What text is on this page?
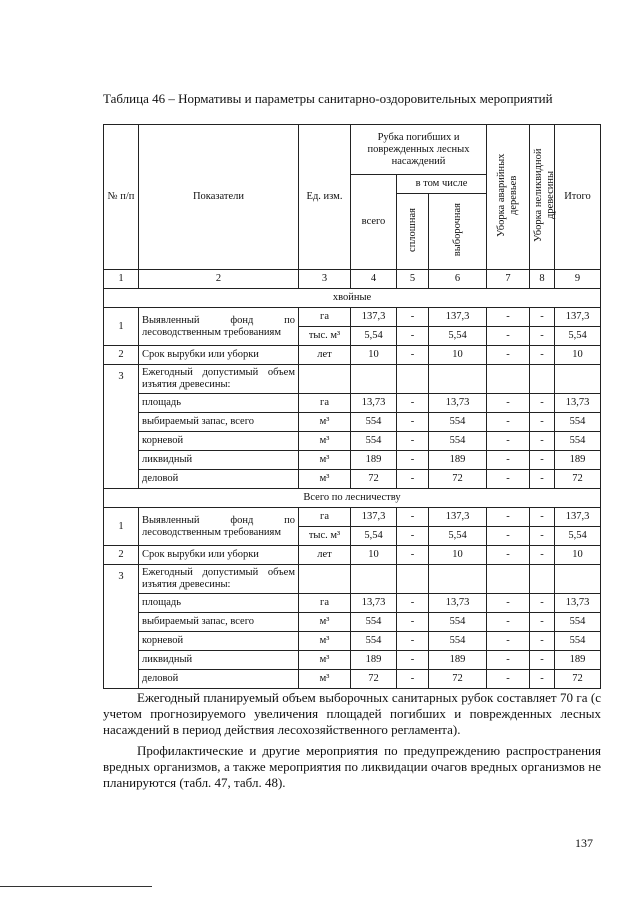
Таблица 46 – Нормативы и параметры санитарно-оздоровительных мероприятий
№ п/п	Показатели	Ед. изм.	Рубка погибших и поврежденных лесных насаждений			Уборка аварийных деревьев	Уборка неликвидной древесины	Итого
			всего	в том числе				
				сплошная	выборочная			
1	2	3	4	5	6	7	8	9
хвойные								
1	Выявленный фонд по лесоводственным требованиям	га	137,3	-	137,3	-	-	137,3
		тыс. м³	5,54	-	5,54	-	-	5,54
2	Срок вырубки или уборки	лет	10	-	10	-	-	10
3	Ежегодный допустимый объем изъятия древесины:							
	площадь	га	13,73	-	13,73	-	-	13,73
	выбираемый запас, всего	м³	554	-	554	-	-	554
	корневой	м³	554	-	554	-	-	554
	ликвидный	м³	189	-	189	-	-	189
	деловой	м³	72	-	72	-	-	72
Всего по лесничеству								
1	Выявленный фонд по лесоводственным требованиям	га	137,3	-	137,3	-	-	137,3
		тыс. м³	5,54	-	5,54	-	-	5,54
2	Срок вырубки или уборки	лет	10	-	10	-	-	10
3	Ежегодный допустимый объем изъятия древесины:							
	площадь	га	13,73	-	13,73	-	-	13,73
	выбираемый запас, всего	м³	554	-	554	-	-	554
	корневой	м³	554	-	554	-	-	554
	ликвидный	м³	189	-	189	-	-	189
	деловой	м³	72	-	72	-	-	72
Ежегодный планируемый объем выборочных санитарных рубок составляет 70 га (с учетом прогнозируемого увеличения площадей погибших и поврежденных лесных насаждений в период действия лесохозяйственного регламента).
Профилактические и другие мероприятия по предупреждению распространения вредных организмов, а также мероприятия по ликвидации очагов вредных организмов не планируются (табл. 47, табл. 48).
137
